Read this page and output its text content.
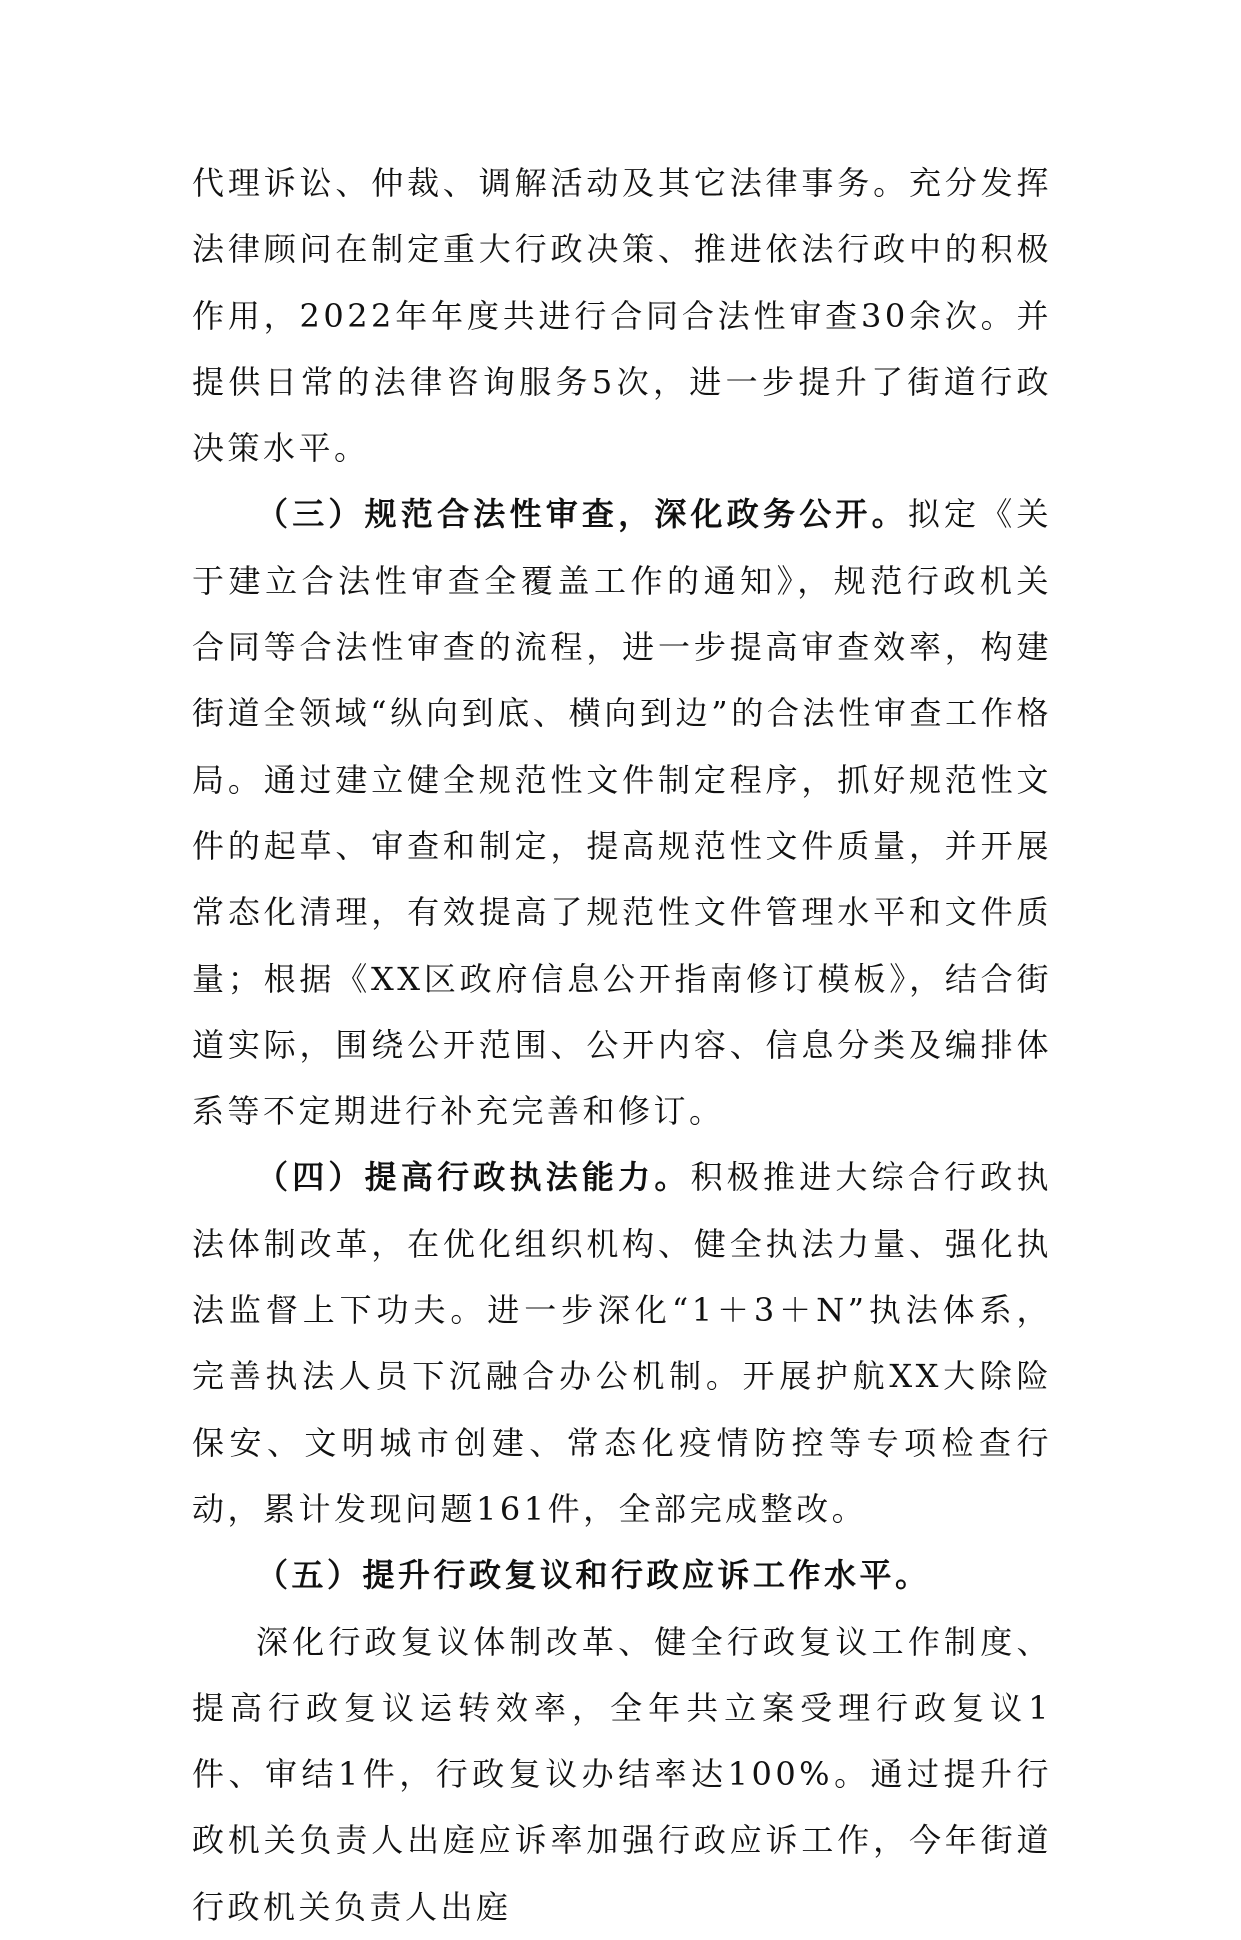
代理诉讼、仲裁、调解活动及其它法律事务。充分发挥法律顾问在制定重大行政决策、推进依法行政中的积极作用，2022年年度共进行合同合法性审查30余次。并提供日常的法律咨询服务5次，进一步提升了街道行政决策水平。

（三）规范合法性审查，深化政务公开。拟定《关于建立合法性审查全覆盖工作的通知》，规范行政机关合同等合法性审查的流程，进一步提高审查效率，构建街道全领域“纵向到底、横向到边”的合法性审查工作格局。通过建立健全规范性文件制定程序，抓好规范性文件的起草、审查和制定，提高规范性文件质量，并开展常态化清理，有效提高了规范性文件管理水平和文件质量；根据《XX区政府信息公开指南修订模板》，结合街道实际，围绕公开范围、公开内容、信息分类及编排体系等不定期进行补充完善和修订。

（四）提高行政执法能力。积极推进大综合行政执法体制改革，在优化组织机构、健全执法力量、强化执法监督上下功夫。进一步深化“1＋3＋N”执法体系，完善执法人员下沉融合办公机制。开展护航XX大除险保安、文明城市创建、常态化疫情防控等专项检查行动，累计发现问题161件，全部完成整改。

（五）提升行政复议和行政应诉工作水平。

深化行政复议体制改革、健全行政复议工作制度、提高行政复议运转效率，全年共立案受理行政复议1件、审结1件，行政复议办结率达100%。通过提升行政机关负责人出庭应诉率加强行政应诉工作，今年街道行政机关负责人出庭
